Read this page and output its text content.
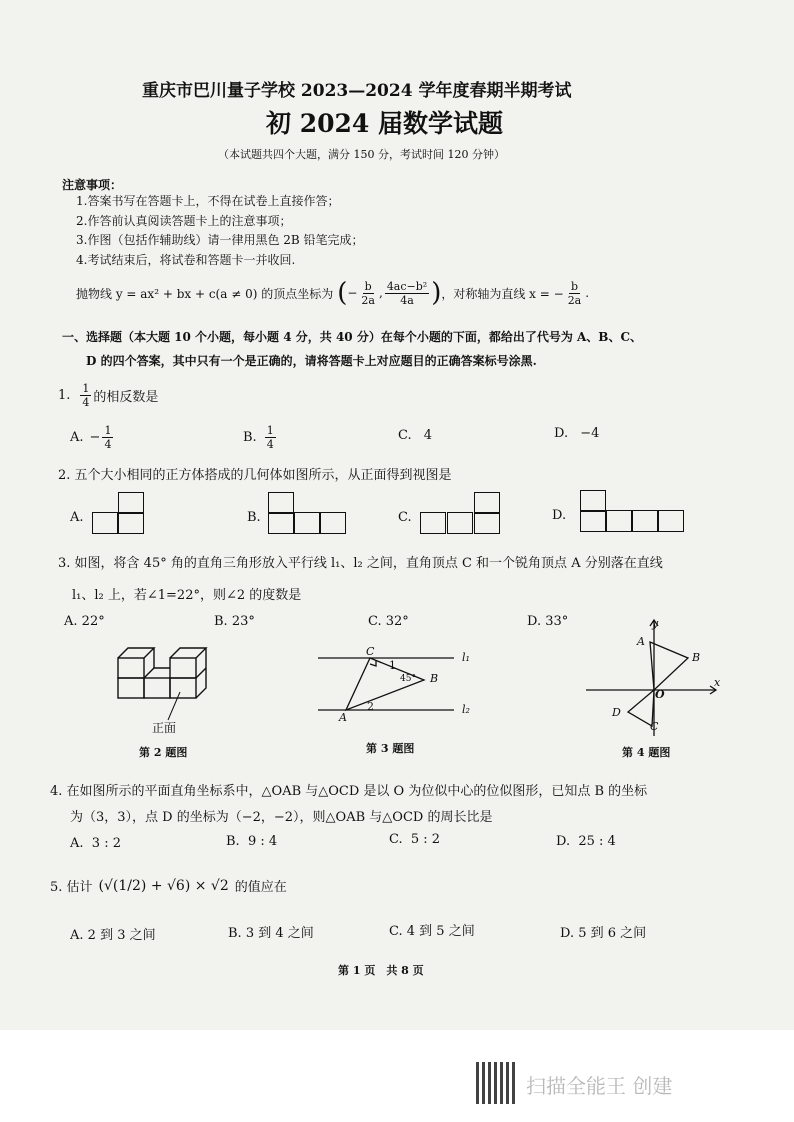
重庆市巴川量子学校 2023—2024 学年度春期半期考试
初 2024 届数学试题
（本试题共四个大题，满分 150 分，考试时间 120 分钟）
注意事项：
1.答案书写在答题卡上，不得在试卷上直接作答；
2.作答前认真阅读答题卡上的注意事项；
3.作图（包括作辅助线）请一律用黑色 2B 铅笔完成；
4.考试结束后，将试卷和答题卡一并收回.
抛物线 y = ax² + bx + c(a ≠ 0) 的顶点坐标为 ( − $\frac{b}{2a}$ , $\frac{\text{4ac−b²}}{4a}$ ) ，对称轴为直线 x = − $\frac{b}{2a}$ .
一、选择题（本大题 10 个小题，每小题 4 分，共 40 分）在每个小题的下面，都给出了代号为 A、B、C、
D 的四个答案，其中只有一个是正确的，请将答题卡上对应题目的正确答案标号涂黑.
1. $\frac{1}{4}$ 的相反数是
A. − $\frac{1}{4}$	B. $\frac{1}{4}$	C. 4	D. −4
2. 五个大小相同的正方体搭成的几何体如图所示，从正面得到视图是
A.	B.	C.	D.
3. 如图，将含 45° 角的直角三角形放入平行线 l₁、l₂ 之间，直角顶点 C 和一个锐角顶点 A 分别落在直线
l₁、l₂ 上，若∠1=22°，则∠2 的度数是
A. 22°	B. 23°	C. 32°	D. 33°
正面
第 2 题图
C
1
l₁
45° B
2	l₂
A
第 3 题图
y
A
B
x
O
D
C
第 4 题图
4. 在如图所示的平面直角坐标系中，△OAB 与△OCD 是以 O 为位似中心的位似图形，已知点 B 的坐标
为（3，3），点 D 的坐标为（−2，−2），则△OAB 与△OCD 的周长比是
A. 3 : 2	B. 9 : 4	C. 5 : 2	D. 25 : 4
5. 估计 (√(1/2) + √6) × √2 的值应在
A. 2 到 3 之间	B. 3 到 4 之间	C. 4 到 5 之间	D. 5 到 6 之间
第 1 页　共 8 页
扫描全能王 创建
